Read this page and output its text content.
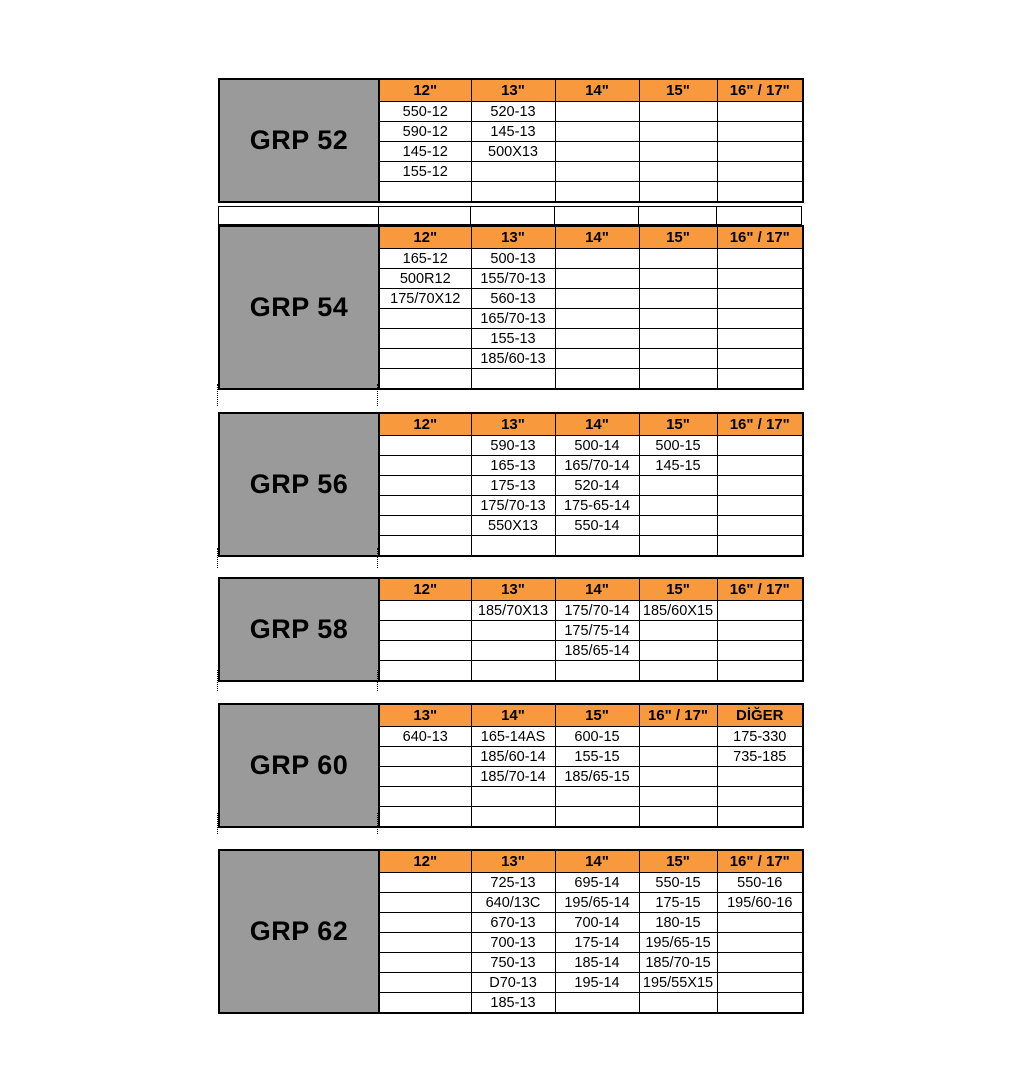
GRP 52
12"	13"	14"	15"	16" / 17"
550-12	520-13			
590-12	145-13			
145-12	500X13			
155-12				

GRP 54
12"	13"	14"	15"	16" / 17"
165-12	500-13			
500R12	155/70-13			
175/70X12	560-13			
	165/70-13			
	155-13			
	185/60-13			

GRP 56
12"	13"	14"	15"	16" / 17"
	590-13	500-14	500-15	
	165-13	165/70-14	145-15	
	175-13	520-14		
	175/70-13	175-65-14		
	550X13	550-14		

GRP 58
12"	13"	14"	15"	16" / 17"
	185/70X13	175/70-14	185/60X15	
		175/75-14		
		185/65-14		

GRP 60
13"	14"	15"	16" / 17"	DİĞER
640-13	165-14AS	600-15		175-330
	185/60-14	155-15		735-185
	185/70-14	185/65-15		

GRP 62
12"	13"	14"	15"	16" / 17"
	725-13	695-14	550-15	550-16
	640/13C	195/65-14	175-15	195/60-16
	670-13	700-14	180-15	
	700-13	175-14	195/65-15	
	750-13	185-14	185/70-15	
	D70-13	195-14	195/55X15	
	185-13			
